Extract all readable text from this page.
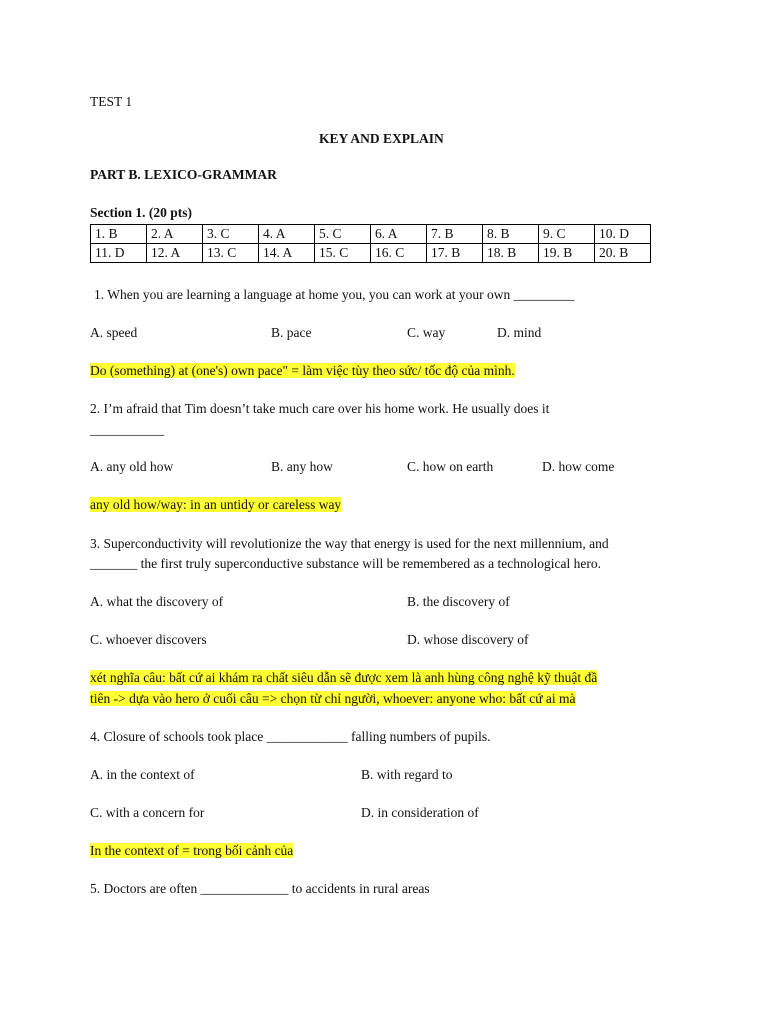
TEST 1
KEY AND EXPLAIN
PART B. LEXICO-GRAMMAR
Section 1. (20 pts)
1. B	2. A	3. C	4. A	5. C	6. A	7. B	8. B	9. C	10. D
11. D	12. A	13. C	14. A	15. C	16. C	17. B	18. B	19. B	20. B
1. When you are learning a language at home you, you can work at your own _________
A. speed	B. pace	C. way	D. mind
Do (something) at (one's) own pace" = làm việc tùy theo sức/ tốc độ của mình.
2. I’m afraid that Tim doesn’t take much care over his home work. He usually does it
___________
A. any old how	B. any how	C. how on earth	D. how come
any old how/way: in an untidy or careless way
3. Superconductivity will revolutionize the way that energy is used for the next millennium, and
_______ the first truly superconductive substance will be remembered as a technological hero.
A. what the discovery of	B. the discovery of
C. whoever discovers	D. whose discovery of
xét nghĩa câu: bất cứ ai khám ra chất siêu dẫn sẽ được xem là anh hùng công nghệ kỹ thuật đầ
tiên -> dựa vào hero ở cuối câu => chọn từ chỉ người, whoever: anyone who: bất cứ ai mà
4. Closure of schools took place ____________ falling numbers of pupils.
A. in the context of	B. with regard to
C. with a concern for	D. in consideration of
In the context of = trong bối cảnh của
5. Doctors are often _____________ to accidents in rural areas
